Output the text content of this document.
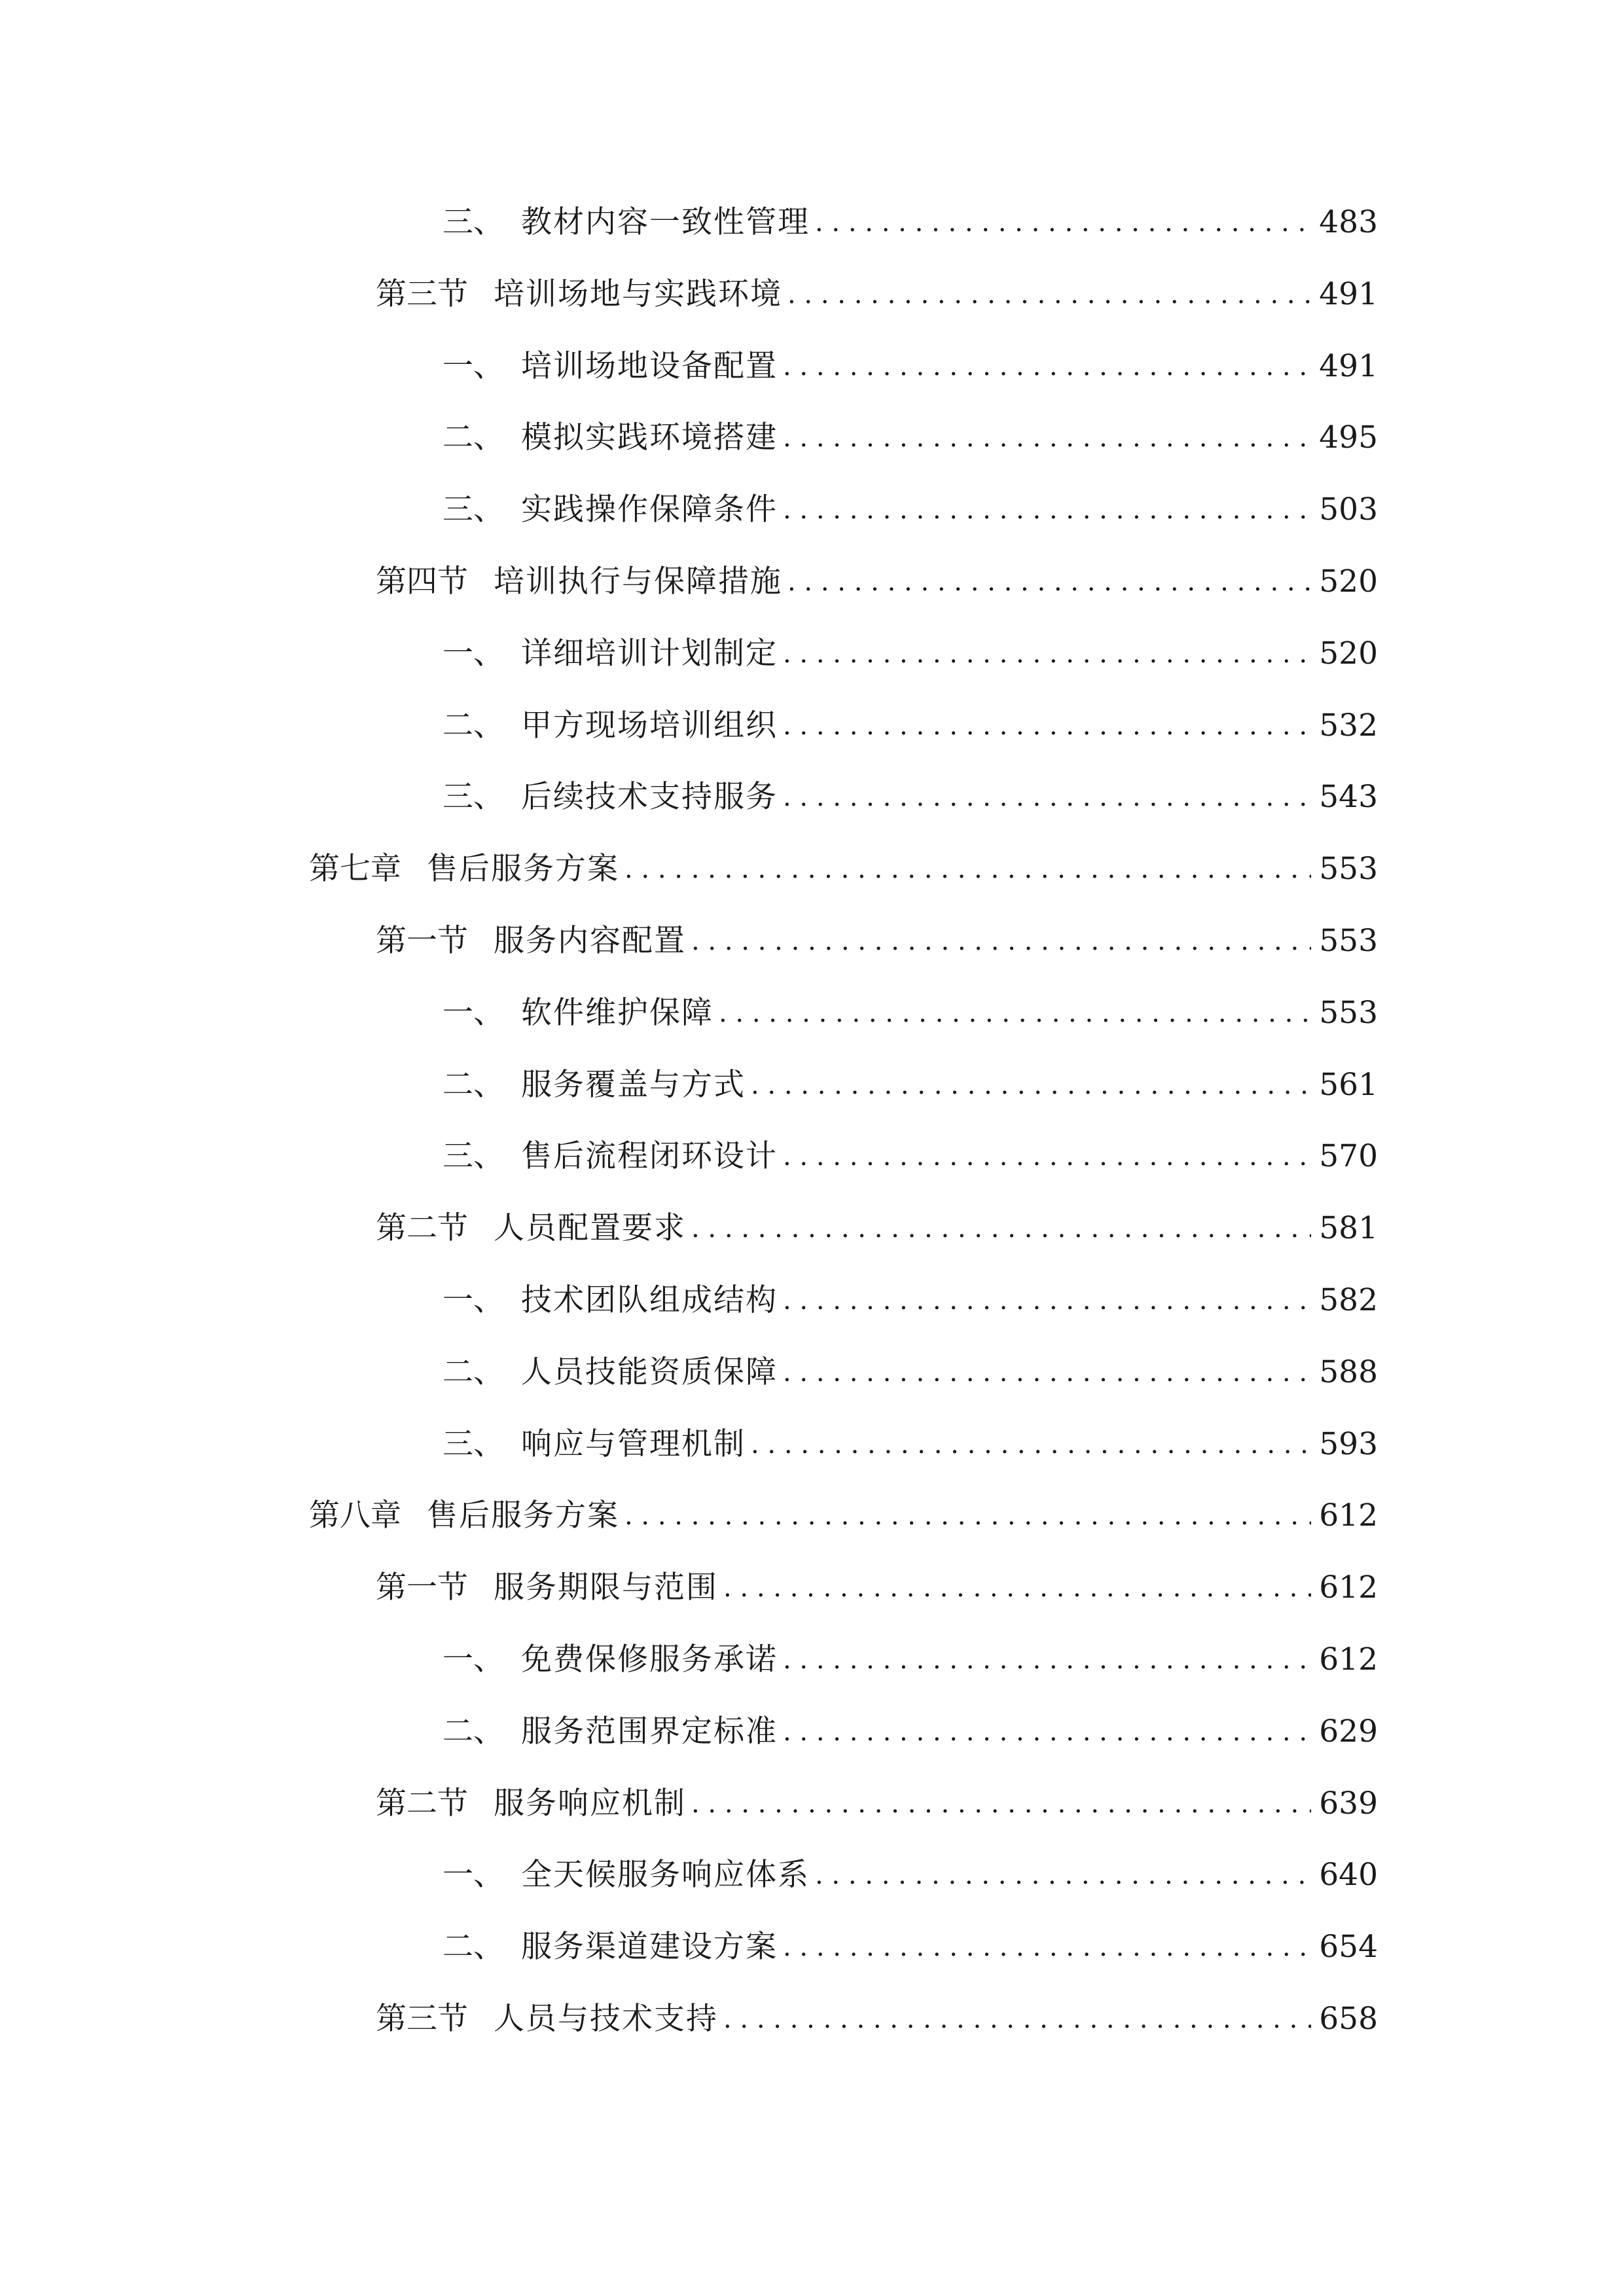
三、 教材内容一致性管理 . . .	483
第三节 培训场地与实践环境 . . .	491
一、 培训场地设备配置 . . .	491
二、 模拟实践环境搭建 . . .	495
三、 实践操作保障条件 . . .	503
第四节 培训执行与保障措施 . . .	520
一、 详细培训计划制定 . . .	520
二、 甲方现场培训组织 . . .	532
三、 后续技术支持服务 . . .	543
第七章 售后服务方案 . . .	553
第一节 服务内容配置 . . .	553
一、 软件维护保障 . . .	553
二、 服务覆盖与方式 . . .	561
三、 售后流程闭环设计 . . .	570
第二节 人员配置要求 . . .	581
一、 技术团队组成结构 . . .	582
二、 人员技能资质保障 . . .	588
三、 响应与管理机制 . . .	593
第八章 售后服务方案 . . .	612
第一节 服务期限与范围 . . .	612
一、 免费保修服务承诺 . . .	612
二、 服务范围界定标准 . . .	629
第二节 服务响应机制 . . .	639
一、 全天候服务响应体系 . . .	640
二、 服务渠道建设方案 . . .	654
第三节 人员与技术支持 . . .	658
